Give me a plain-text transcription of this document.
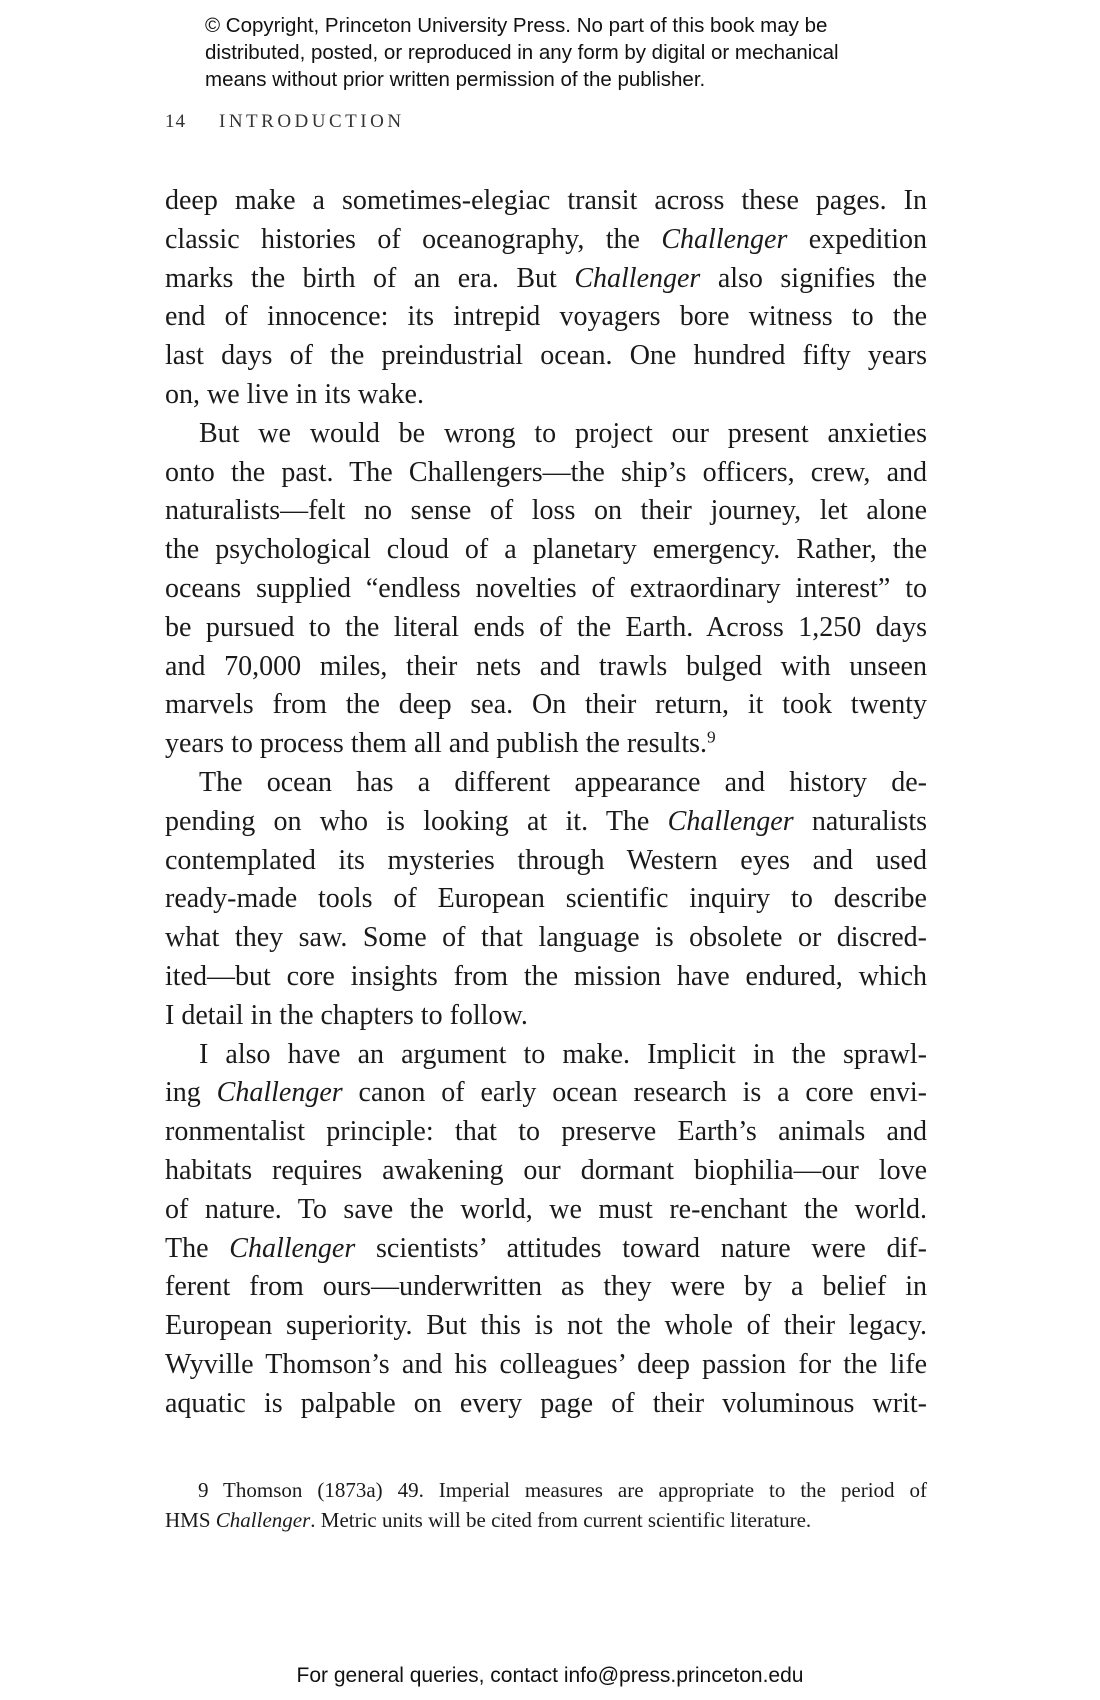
© Copyright, Princeton University Press. No part of this book may be
distributed, posted, or reproduced in any form by digital or mechanical
means without prior written permission of the publisher.
14 INTRODUCTION
deep make a sometimes-elegiac transit across these pages. In
classic histories of oceanography, the Challenger expedition
marks the birth of an era. But Challenger also signifies the
end of innocence: its intrepid voyagers bore witness to the
last days of the preindustrial ocean. One hundred fifty years
on, we live in its wake.
But we would be wrong to project our present anxieties
onto the past. The Challengers—the ship’s officers, crew, and
naturalists—felt no sense of loss on their journey, let alone
the psychological cloud of a planetary emergency. Rather, the
oceans supplied “endless novelties of extraordinary interest” to
be pursued to the literal ends of the Earth. Across 1,250 days
and 70,000 miles, their nets and trawls bulged with unseen
marvels from the deep sea. On their return, it took twenty
years to process them all and publish the results.$^9$
The ocean has a different appearance and history de-
pending on who is looking at it. The Challenger naturalists
contemplated its mysteries through Western eyes and used
ready-made tools of European scientific inquiry to describe
what they saw. Some of that language is obsolete or discred-
ited—but core insights from the mission have endured, which
I detail in the chapters to follow.
I also have an argument to make. Implicit in the sprawl-
ing Challenger canon of early ocean research is a core envi-
ronmentalist principle: that to preserve Earth’s animals and
habitats requires awakening our dormant biophilia—our love
of nature. To save the world, we must re-enchant the world.
The Challenger scientists’ attitudes toward nature were dif-
ferent from ours—underwritten as they were by a belief in
European superiority. But this is not the whole of their legacy.
Wyville Thomson’s and his colleagues’ deep passion for the life
aquatic is palpable on every page of their voluminous writ-
9 Thomson (1873a) 49. Imperial measures are appropriate to the period of
HMS Challenger. Metric units will be cited from current scientific literature.
For general queries, contact info@press.princeton.edu
